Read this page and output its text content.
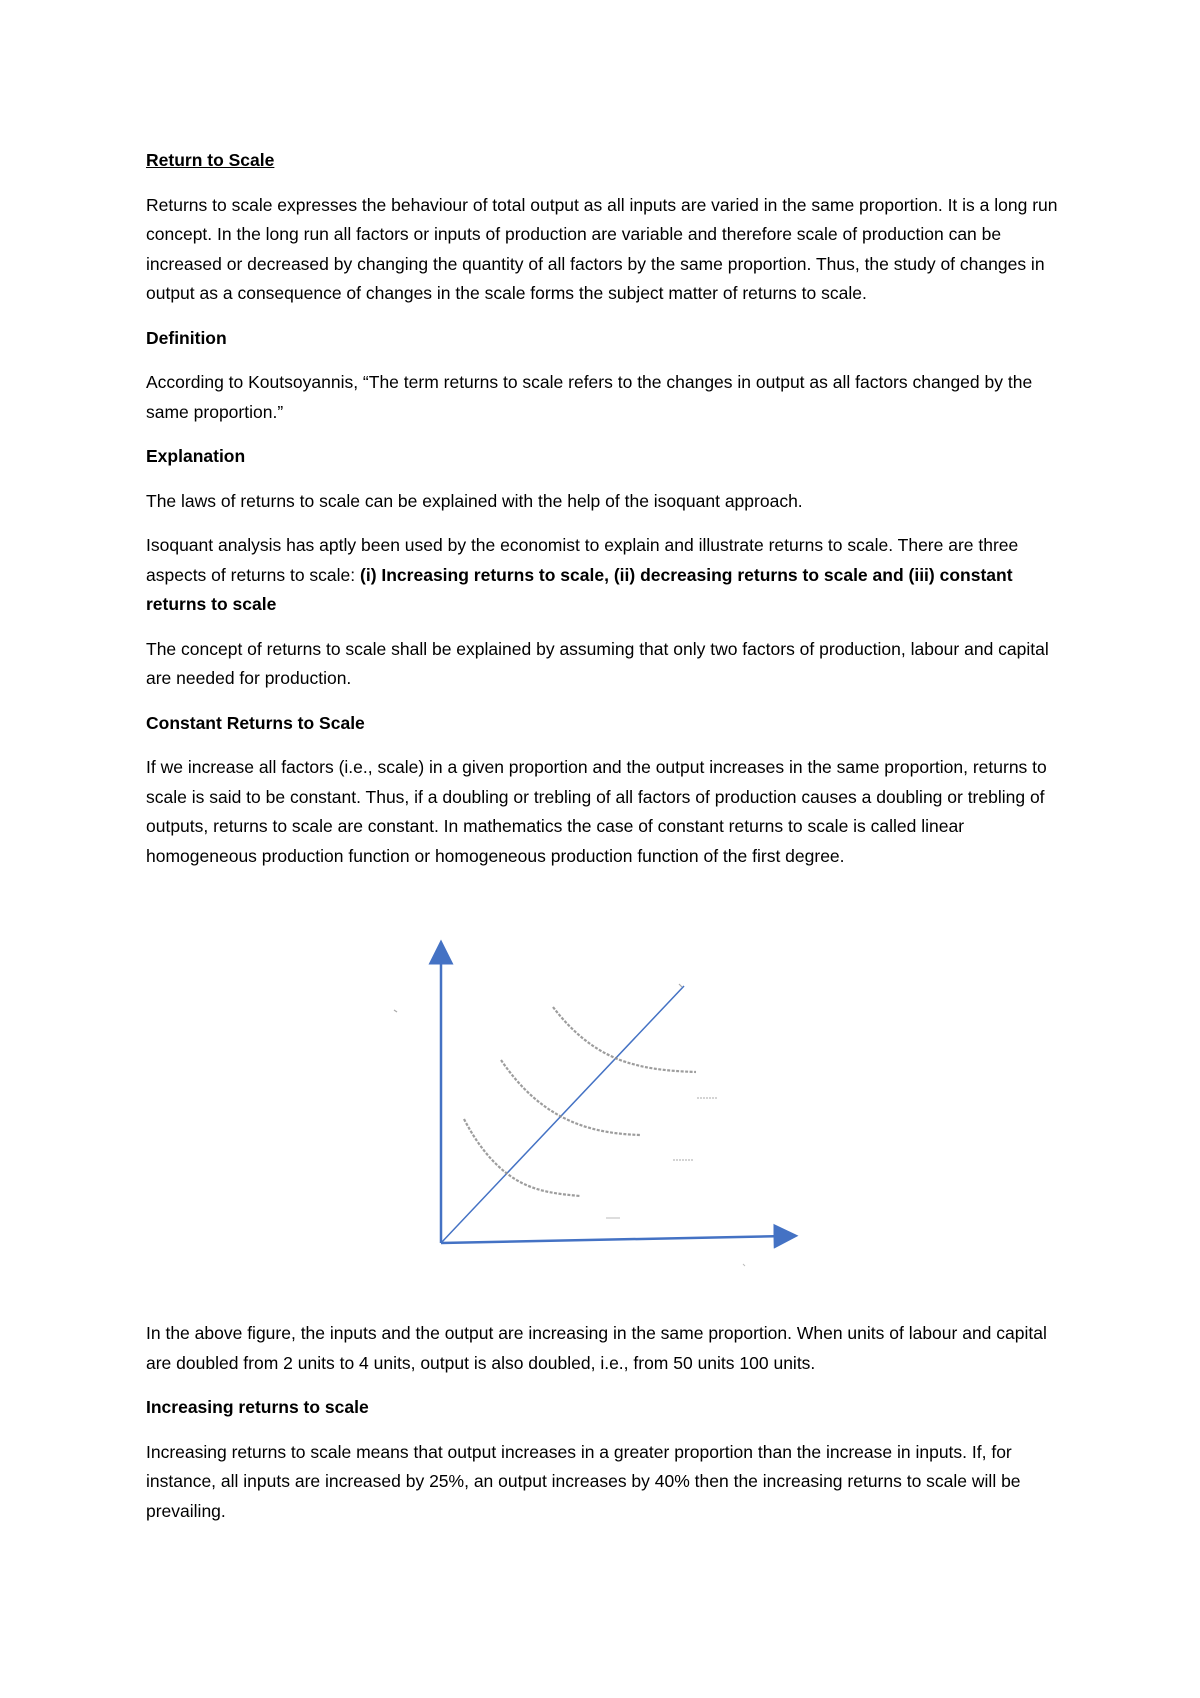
Return to Scale

Returns to scale expresses the behaviour of total output as all inputs are varied in the same proportion. It is a long run concept. In the long run all factors or inputs of production are variable and therefore scale of production can be increased or decreased by changing the quantity of all factors by the same proportion. Thus, the study of changes in output as a consequence of changes in the scale forms the subject matter of returns to scale.

Definition

According to Koutsoyannis, “The term returns to scale refers to the changes in output as all factors changed by the same proportion.”

Explanation

The laws of returns to scale can be explained with the help of the isoquant approach.

Isoquant analysis has aptly been used by the economist to explain and illustrate returns to scale. There are three aspects of returns to scale: (i) Increasing returns to scale, (ii) decreasing returns to scale and (iii) constant returns to scale

The concept of returns to scale shall be explained by assuming that only two factors of production, labour and capital are needed for production.

Constant Returns to Scale

If we increase all factors (i.e., scale) in a given proportion and the output increases in the same proportion, returns to scale is said to be constant. Thus, if a doubling or trebling of all factors of production causes a doubling or trebling of outputs, returns to scale are constant. In mathematics the case of constant returns to scale is called linear homogeneous production function or homogeneous production function of the first degree.

In the above figure, the inputs and the output are increasing in the same proportion. When units of labour and capital are doubled from 2 units to 4 units, output is also doubled, i.e., from 50 units 100 units.

Increasing returns to scale

Increasing returns to scale means that output increases in a greater proportion than the increase in inputs. If, for instance, all inputs are increased by 25%, an output increases by 40% then the increasing returns to scale will be prevailing.
